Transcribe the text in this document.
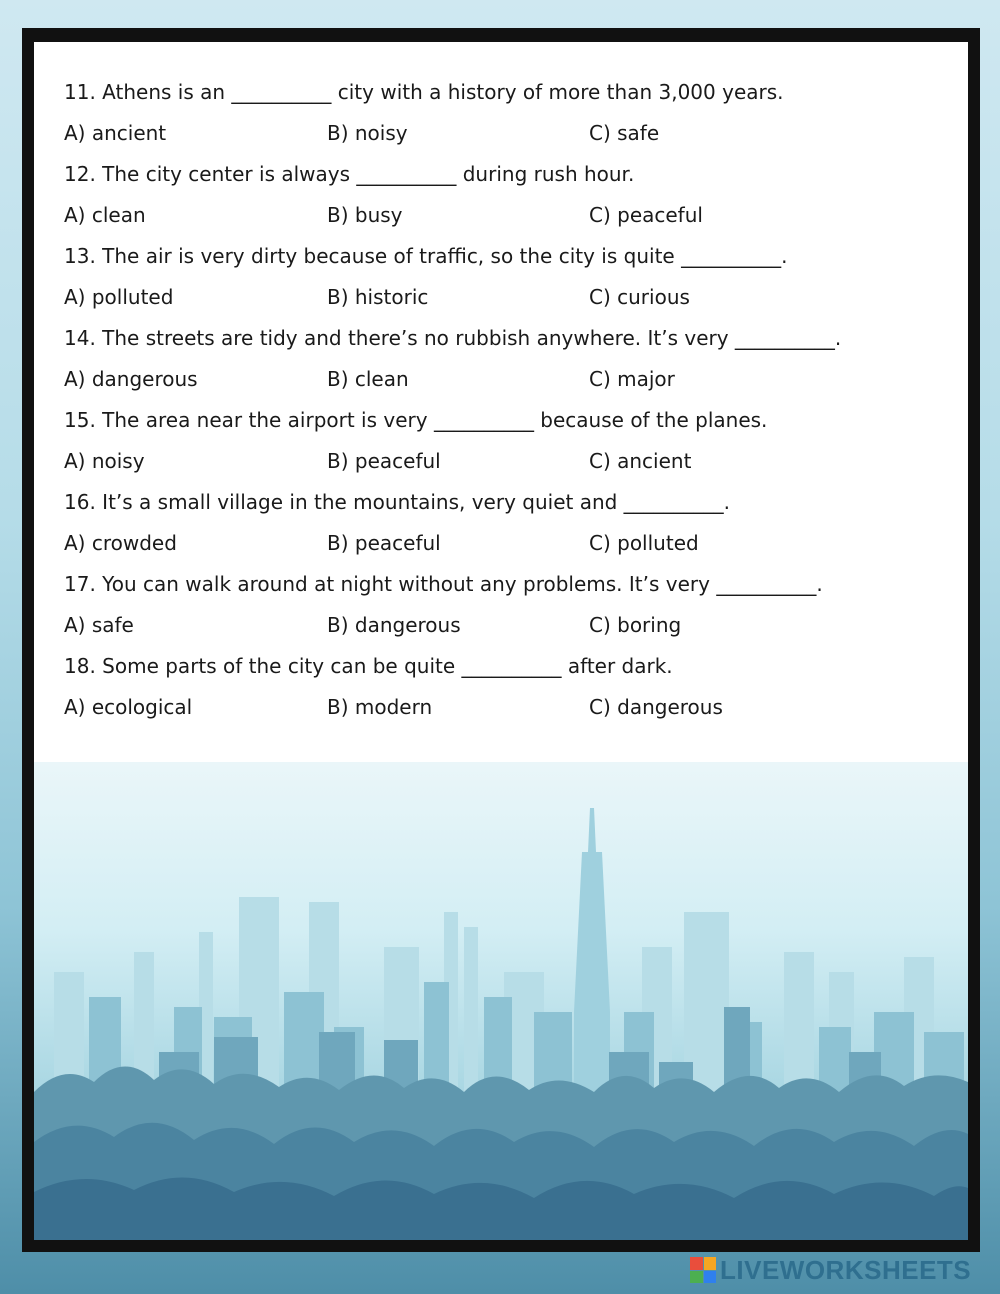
11. Athens is an __________ city with a history of more than 3,000 years.
A) ancient	B) noisy	C) safe
12. The city center is always __________ during rush hour.
A) clean	B) busy	C) peaceful
13. The air is very dirty because of traffic, so the city is quite __________.
A) polluted	B) historic	C) curious
14. The streets are tidy and there’s no rubbish anywhere. It’s very __________.
A) dangerous	B) clean	C) major
15. The area near the airport is very __________ because of the planes.
A) noisy	B) peaceful	C) ancient
16. It’s a small village in the mountains, very quiet and __________.
A) crowded	B) peaceful	C) polluted
17. You can walk around at night without any problems. It’s very __________.
A) safe	B) dangerous	C) boring
18. Some parts of the city can be quite __________ after dark.
A) ecological	B) modern	C) dangerous
LIVEWORKSHEETS
